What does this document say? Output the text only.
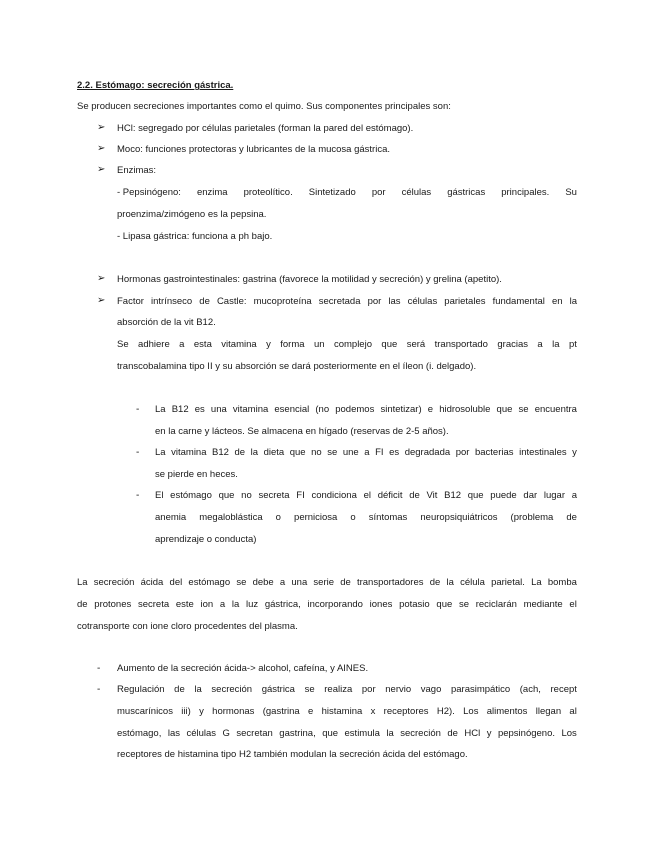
2.2. Estómago: secreción gástrica.
Se producen secreciones importantes como el quimo. Sus componentes principales son:
➢ HCl: segregado por células parietales (forman la pared del estómago).
➢ Moco: funciones protectoras y lubricantes de la mucosa gástrica.
➢ Enzimas:
- Pepsinógeno: enzima proteolítico. Sintetizado por células gástricas principales. Su
proenzima/zimógeno es la pepsina.
- Lipasa gástrica: funciona a ph bajo.
➢ Hormonas gastrointestinales: gastrina (favorece la motilidad y secreción) y grelina (apetito).
➢ Factor intrínseco de Castle: mucoproteína secretada por las células parietales fundamental en la
absorción de la vit B12.
Se adhiere a esta vitamina y forma un complejo que será transportado gracias a la pt
transcobalamina tipo II y su absorción se dará posteriormente en el íleon (i. delgado).
- La B12 es una vitamina esencial (no podemos sintetizar) e hidrosoluble que se encuentra
en la carne y lácteos. Se almacena en hígado (reservas de 2-5 años).
- La vitamina B12 de la dieta que no se une a FI es degradada por bacterias intestinales y
se pierde en heces.
- El estómago que no secreta FI condiciona el déficit de Vit B12 que puede dar lugar a
anemia megaloblástica o perniciosa o síntomas neuropsiquiátricos (problema de
aprendizaje o conducta)
La secreción ácida del estómago se debe a una serie de transportadores de la célula parietal. La bomba
de protones secreta este ion a la luz gástrica, incorporando iones potasio que se reciclarán mediante el
cotransporte con ione cloro procedentes del plasma.
- Aumento de la secreción ácida-> alcohol, cafeína, y AINES.
- Regulación de la secreción gástrica se realiza por nervio vago parasimpático (ach, recept
muscarínicos iii) y hormonas (gastrina e histamina x receptores H2). Los alimentos llegan al
estómago, las células G secretan gastrina, que estimula la secreción de HCl y pepsinógeno. Los
receptores de histamina tipo H2 también modulan la secreción ácida del estómago.
